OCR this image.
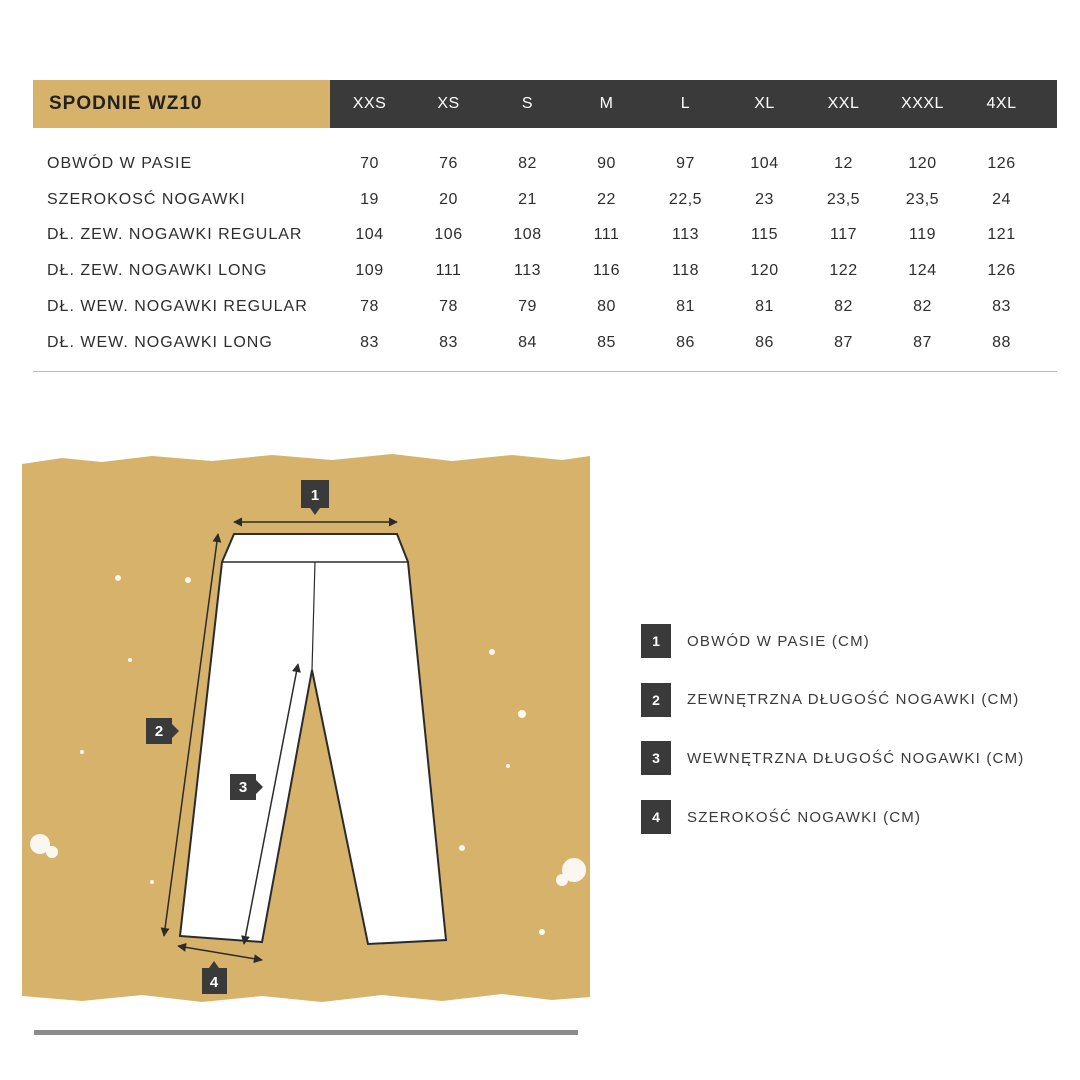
SPODNIE WZ10	XXS	XS	S	M	L	XL	XXL	XXXL	4XL
OBWÓD W PASIE	70	76	82	90	97	104	12	120	126
SZEROKOSĆ NOGAWKI	19	20	21	22	22,5	23	23,5	23,5	24
DŁ. ZEW. NOGAWKI REGULAR	104	106	108	111	113	115	117	119	121
DŁ. ZEW. NOGAWKI LONG	109	111	113	116	118	120	122	124	126
DŁ. WEW. NOGAWKI REGULAR	78	78	79	80	81	81	82	82	83
DŁ. WEW. NOGAWKI LONG	83	83	84	85	86	86	87	87	88
1
2
3
4
1	OBWÓD W PASIE (CM)
2	ZEWNĘTRZNA DŁUGOŚĆ NOGAWKI (CM)
3	WEWNĘTRZNA DŁUGOŚĆ NOGAWKI (CM)
4	SZEROKOŚĆ NOGAWKI (CM)
